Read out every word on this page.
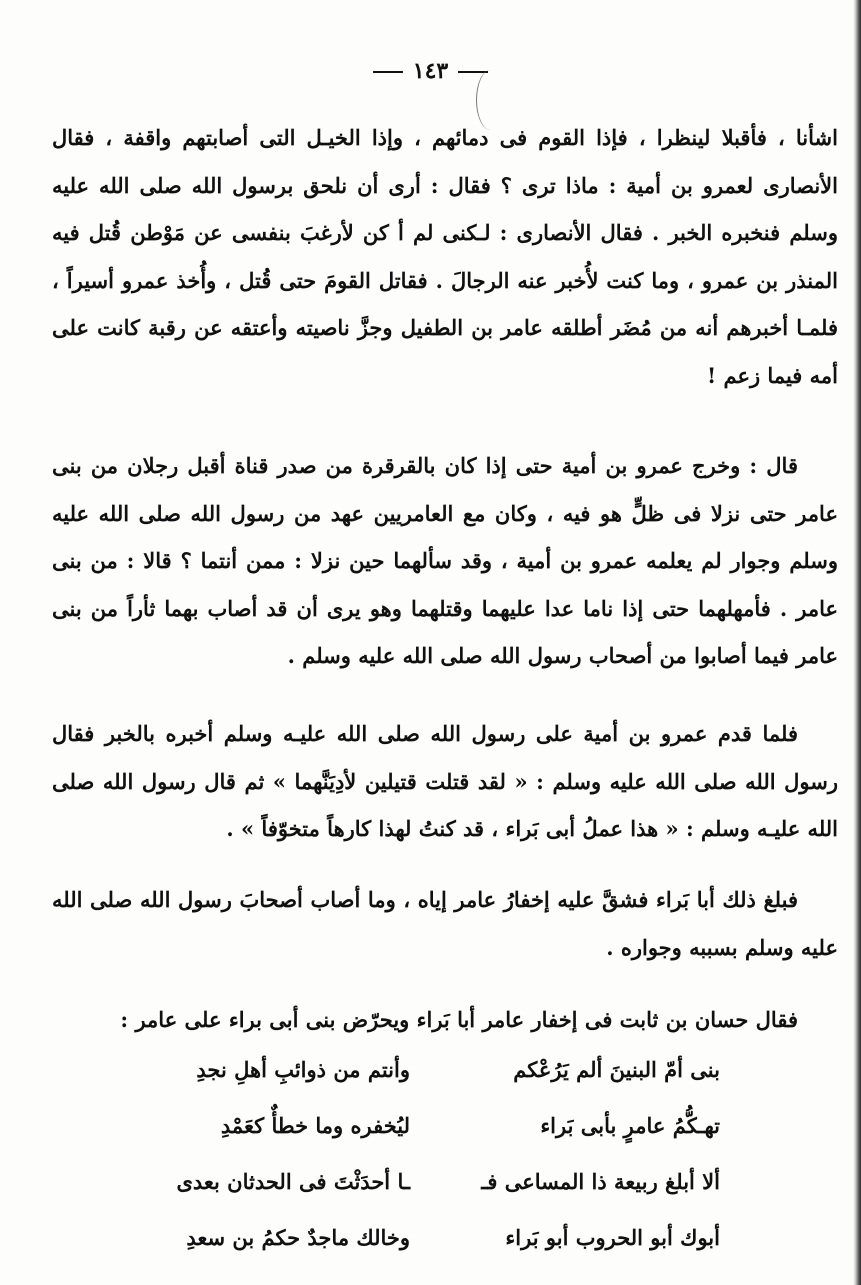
١٤٣

اشأنا ، فأقبلا لينظرا ، فإذا القوم فى دمائهم ، وإذا الخيـل التى أصابتهم واقفة ، فقال الأنصارى لعمرو بن أمية : ماذا ترى ؟ فقال : أرى أن نلحق برسول الله صلى الله عليه وسلم فنخبره الخبر . فقال الأنصارى : لـكنى لم أ كن لأرغبَ بنفسى عن مَوْطن قُتل فيه المنذر بن عمرو ، وما كنت لأُخبر عنه الرجالَ . فقاتل القومَ حتى قُتل ، وأُخذ عمرو أسيراً ، فلمـا أخبرهم أنه من مُضَر أطلقه عامر بن الطفيل وجزَّ ناصيته وأعتقه عن رقبة كانت على أمه فيما زعم !

قال : وخرج عمرو بن أمية حتى إذا كان بالقرقرة من صدر قناة أقبل رجلان من بنى عامر حتى نزلا فى ظلٍّ هو فيه ، وكان مع العامريين عهد من رسول الله صلى الله عليه وسلم وجوار لم يعلمه عمرو بن أمية ، وقد سألهما حين نزلا : ممن أنتما ؟ قالا : من بنى عامر . فأمهلهما حتى إذا ناما عدا عليهما وقتلهما وهو يرى أن قد أصاب بهما ثأراً من بنى عامر فيما أصابوا من أصحاب رسول الله صلى الله عليه وسلم .

فلما قدم عمرو بن أمية على رسول الله صلى الله عليـه وسلم أخبره بالخبر فقال رسول الله صلى الله عليه وسلم : « لقد قتلت قتيلين لأدِيَنَّهما » ثم قال رسول الله صلى الله عليـه وسلم : « هذا عملُ أبى بَراء ، قد كنتُ لهذا كارهاً متخوّفاً » .

فبلغ ذلك أبا بَراء فشقَّ عليه إخفارُ عامر إياه ، وما أصاب أصحابَ رسول الله صلى الله عليه وسلم بسببه وجواره .

فقال حسان بن ثابت فى إخفار عامر أبا بَراء ويحرّض بنى أبى براء على عامر :

بنى أمّ البنينَ ألم يَرُعْكم
وأنتم من ذوائبِ أهلِ نجدِ
تهـكُّمُ عامرٍ بأبى بَراء
ليُخفره وما خطأٌ كعَمْدِ
ألا أبلغ ربيعة ذا المساعى فـ
ـا أحدَثْتَ فى الحدثان بعدى
أبوك أبو الحروب أبو بَراء
وخالك ماجدٌ حكمُ بن سعدِ
